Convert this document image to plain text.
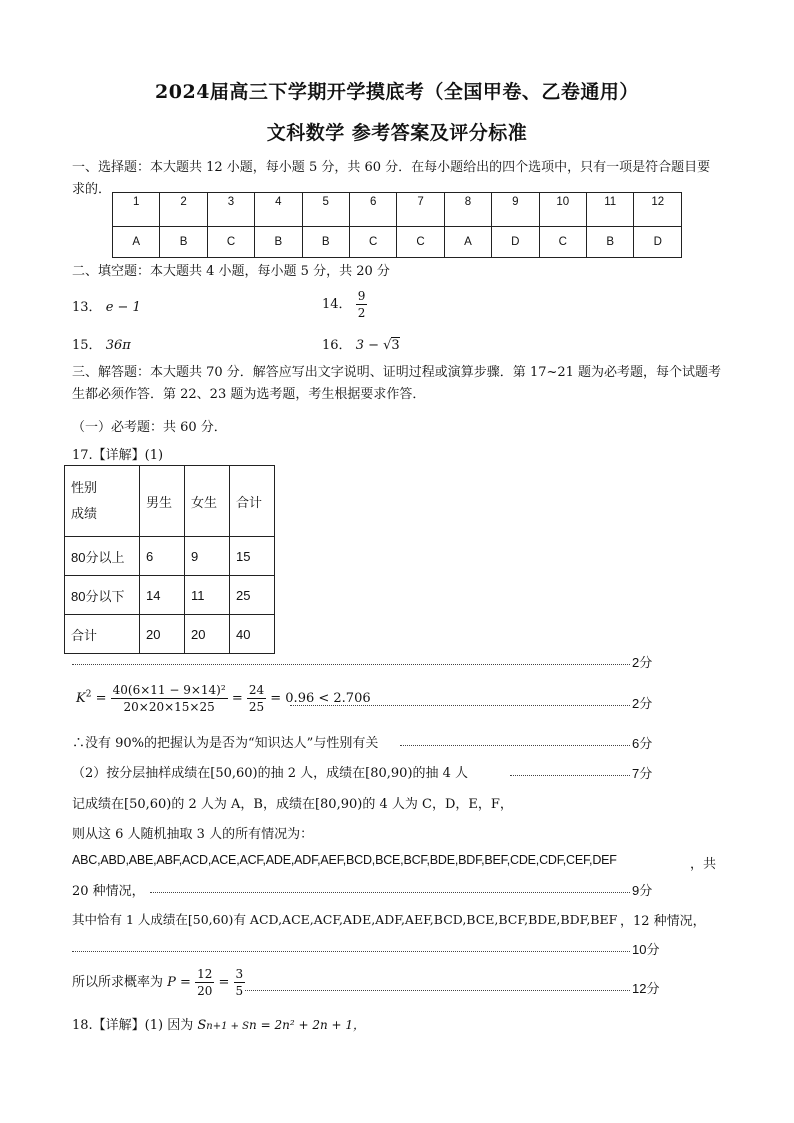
2024届高三下学期开学摸底考（全国甲卷、乙卷通用）
文科数学 参考答案及评分标准
一、选择题：本大题共 12 小题，每小题 5 分，共 60 分．在每小题给出的四个选项中，只有一项是符合题目要求的．
1	2	3	4	5	6	7	8	9	10	11	12
A	B	C	B	B	C	C	A	D	C	B	D
二、填空题：本大题共 4 小题，每小题 5 分，共 20 分
13． e − 1	14． $\frac{9}{2}$
15． 36π	16． 3 − √3
三、解答题：本大题共 70 分．解答应写出文字说明、证明过程或演算步骤．第 17~21 题为必考题，每个试题考生都必须作答．第 22、23 题为选考题，考生根据要求作答．
（一）必考题：共 60 分．
17.【详解】(1)
性别
成绩	男生	女生	合计
80分以上	6	9	15
80分以下	14	11	25
合计	20	20	40
2分
$K^2 = \frac{\text{40(6×11 − 9×14)²}}{20\times 20\times 15\times 25} = \frac{24}{25} = 0.96 < 2.706$	2分
∴没有 90%的把握认为是否为“知识达人”与性别有关	6分
（2）按分层抽样成绩在[50,60)的抽 2 人，成绩在[80,90)的抽 4 人	7分
记成绩在[50,60)的 2 人为 A，B，成绩在[80,90)的 4 人为 C，D，E，F，
则从这 6 人随机抽取 3 人的所有情况为：
ABC,ABD,ABE,ABF,ACD,ACE,ACF,ADE,ADF,AEF,BCD,BCE,BCF,BDE,BDF,BEF,CDE,CDF,CEF,DEF	，共
20 种情况，	9分
其中恰有 1 人成绩在[50,60)有 ACD,ACE,ACF,ADE,ADF,AEF,BCD,BCE,BCF,BDE,BDF,BEF ，12 种情况，
10分
所以所求概率为 $P = \frac{12}{20} = \frac{3}{5}$	12分
18.【详解】(1) 因为 Sn+1 + Sn = 2n² + 2n + 1，
